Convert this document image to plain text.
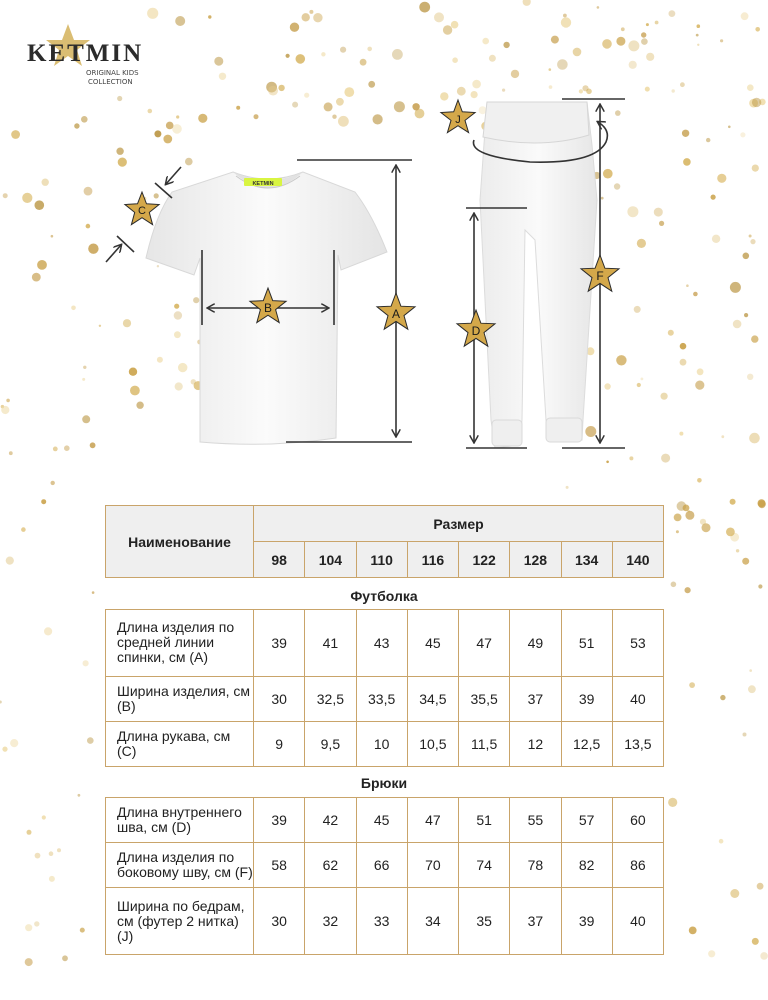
KETMIN
ORIGINAL KIDS
COLLECTION
KETMIN
C
B	A
J
D
F
Наименование	Размер							
	98	104	110	116	122	128	134	140
Футболка
Длина изделия по средней линии спинки, см (А)	39	41	43	45	47	49	51	53
Ширина изделия, см (В)	30	32,5	33,5	34,5	35,5	37	39	40
Длина рукава, см (С)	9	9,5	10	10,5	11,5	12	12,5	13,5
Брюки
Длина внутреннего шва, см (D)	39	42	45	47	51	55	57	60
Длина изделия по боковому шву, см (F)	58	62	66	70	74	78	82	86
Ширина по бедрам, см (футер 2 нитка) (J)	30	32	33	34	35	37	39	40
